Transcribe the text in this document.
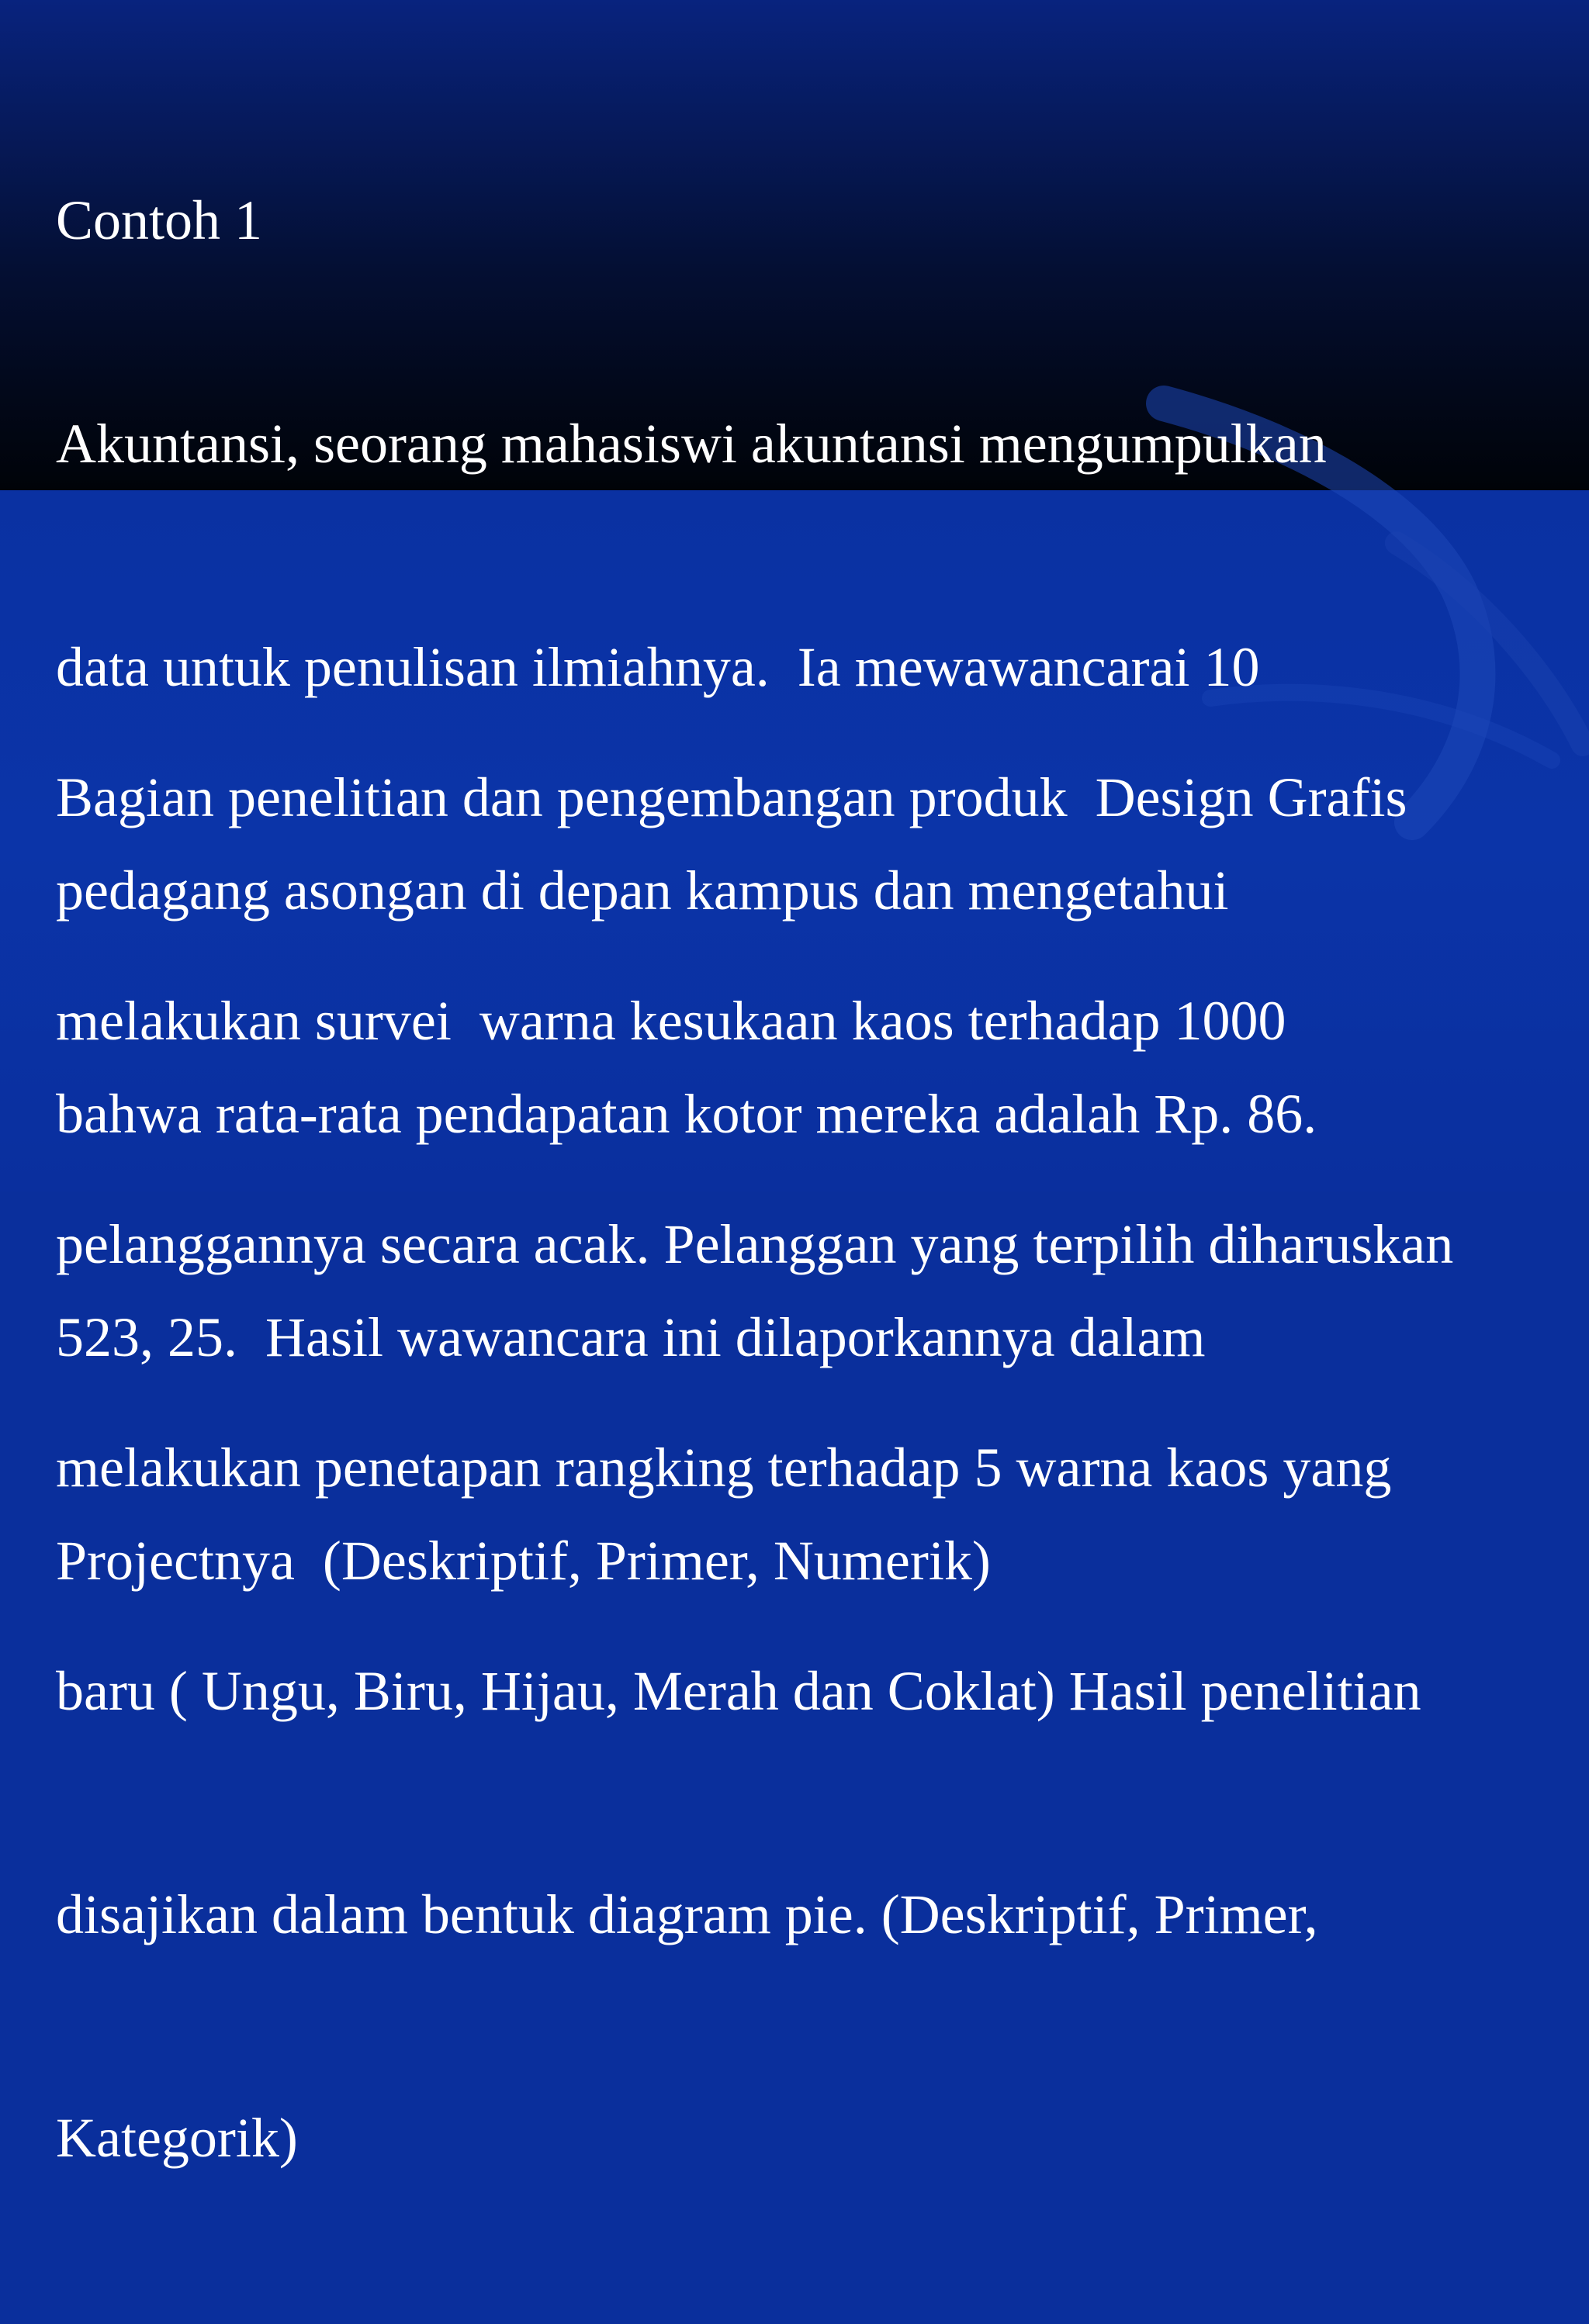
Contoh 1

Akuntansi, seorang mahasiswi akuntansi mengumpulkan

data untuk penulisan ilmiahnya.  Ia mewawancarai 10

pedagang asongan di depan kampus dan mengetahui

bahwa rata-rata pendapatan kotor mereka adalah Rp. 86.

523, 25.  Hasil wawancara ini dilaporkannya dalam

Projectnya  (Deskriptif, Primer, Numerik)

Bagian penelitian dan pengembangan produk  Design Grafis

melakukan survei  warna kesukaan kaos terhadap 1000

pelanggannya secara acak. Pelanggan yang terpilih diharuskan

melakukan penetapan rangking terhadap 5 warna kaos yang

baru ( Ungu, Biru, Hijau, Merah dan Coklat) Hasil penelitian

disajikan dalam bentuk diagram pie. (Deskriptif, Primer,

Kategorik)
